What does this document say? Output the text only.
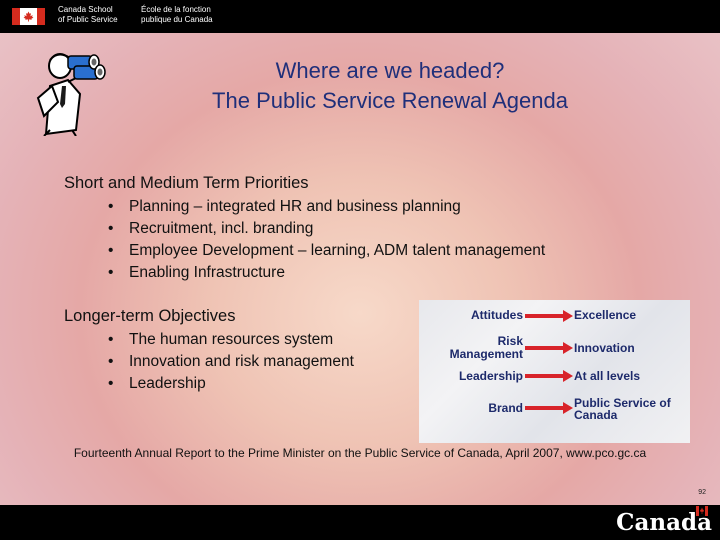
Canada School
of Public Service
École de la fonction
publique du Canada
Where are we headed?
The Public Service Renewal Agenda
Short and Medium Term Priorities
• Planning – integrated HR and business planning
• Recruitment, incl. branding
• Employee Development – learning, ADM talent management
• Enabling Infrastructure
Longer-term Objectives
• The human resources system
• Innovation and risk management
• Leadership
Attitudes	Excellence
Risk Management	Innovation
Leadership	At all levels
Brand	Public Service of Canada
Fourteenth Annual Report to the Prime Minister on the Public Service of Canada, April 2007, www.pco.gc.ca
92
Canada
